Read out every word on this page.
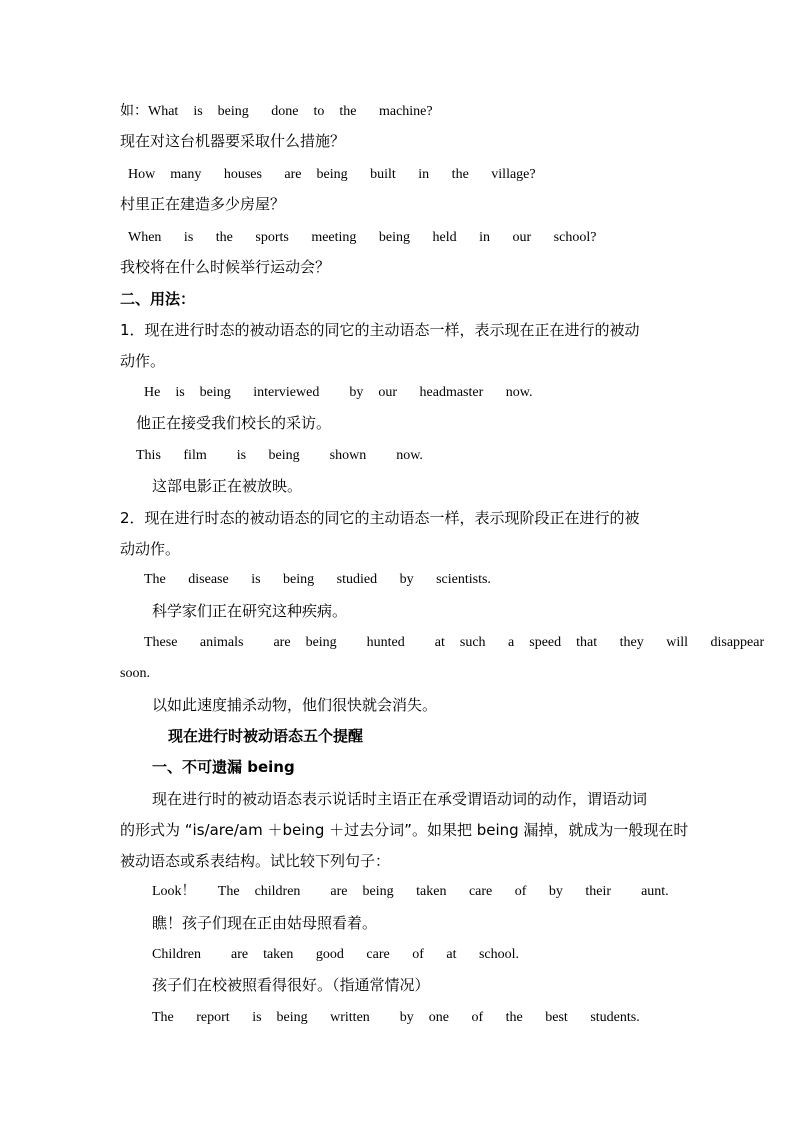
如：What  is  being   done  to  the   machine?
现在对这台机器要采取什么措施？
How  many   houses   are  being   built   in   the   village?
村里正在建造多少房屋？
When   is   the   sports   meeting   being   held   in   our   school?
我校将在什么时候举行运动会？
二、用法：
1．现在进行时态的被动语态的同它的主动语态一样，表示现在正在进行的被动
动作。
He  is  being   interviewed    by  our   headmaster   now.
他正在接受我们校长的采访。
This   film    is   being    shown    now.
这部电影正在被放映。
2．现在进行时态的被动语态的同它的主动语态一样，表示现阶段正在进行的被
动动作。
The   disease   is   being   studied   by   scientists.
科学家们正在研究这种疾病。
These   animals    are  being    hunted    at  such   a  speed  that   they   will   disappear
soon.
以如此速度捕杀动物，他们很快就会消失。
现在进行时被动语态五个提醒
一、不可遗漏 being
现在进行时的被动语态表示说话时主语正在承受谓语动词的动作，谓语动词
的形式为 “is/are/am ＋being ＋过去分词”。如果把 being 漏掉，就成为一般现在时
被动语态或系表结构。试比较下列句子：
Look！   The  children    are  being   taken   care   of   by   their    aunt.
瞧！孩子们现在正由姑母照看着。
Children    are  taken   good   care   of   at   school.
孩子们在校被照看得很好。（指通常情况）
The   report   is  being   written    by  one   of   the   best   students.
